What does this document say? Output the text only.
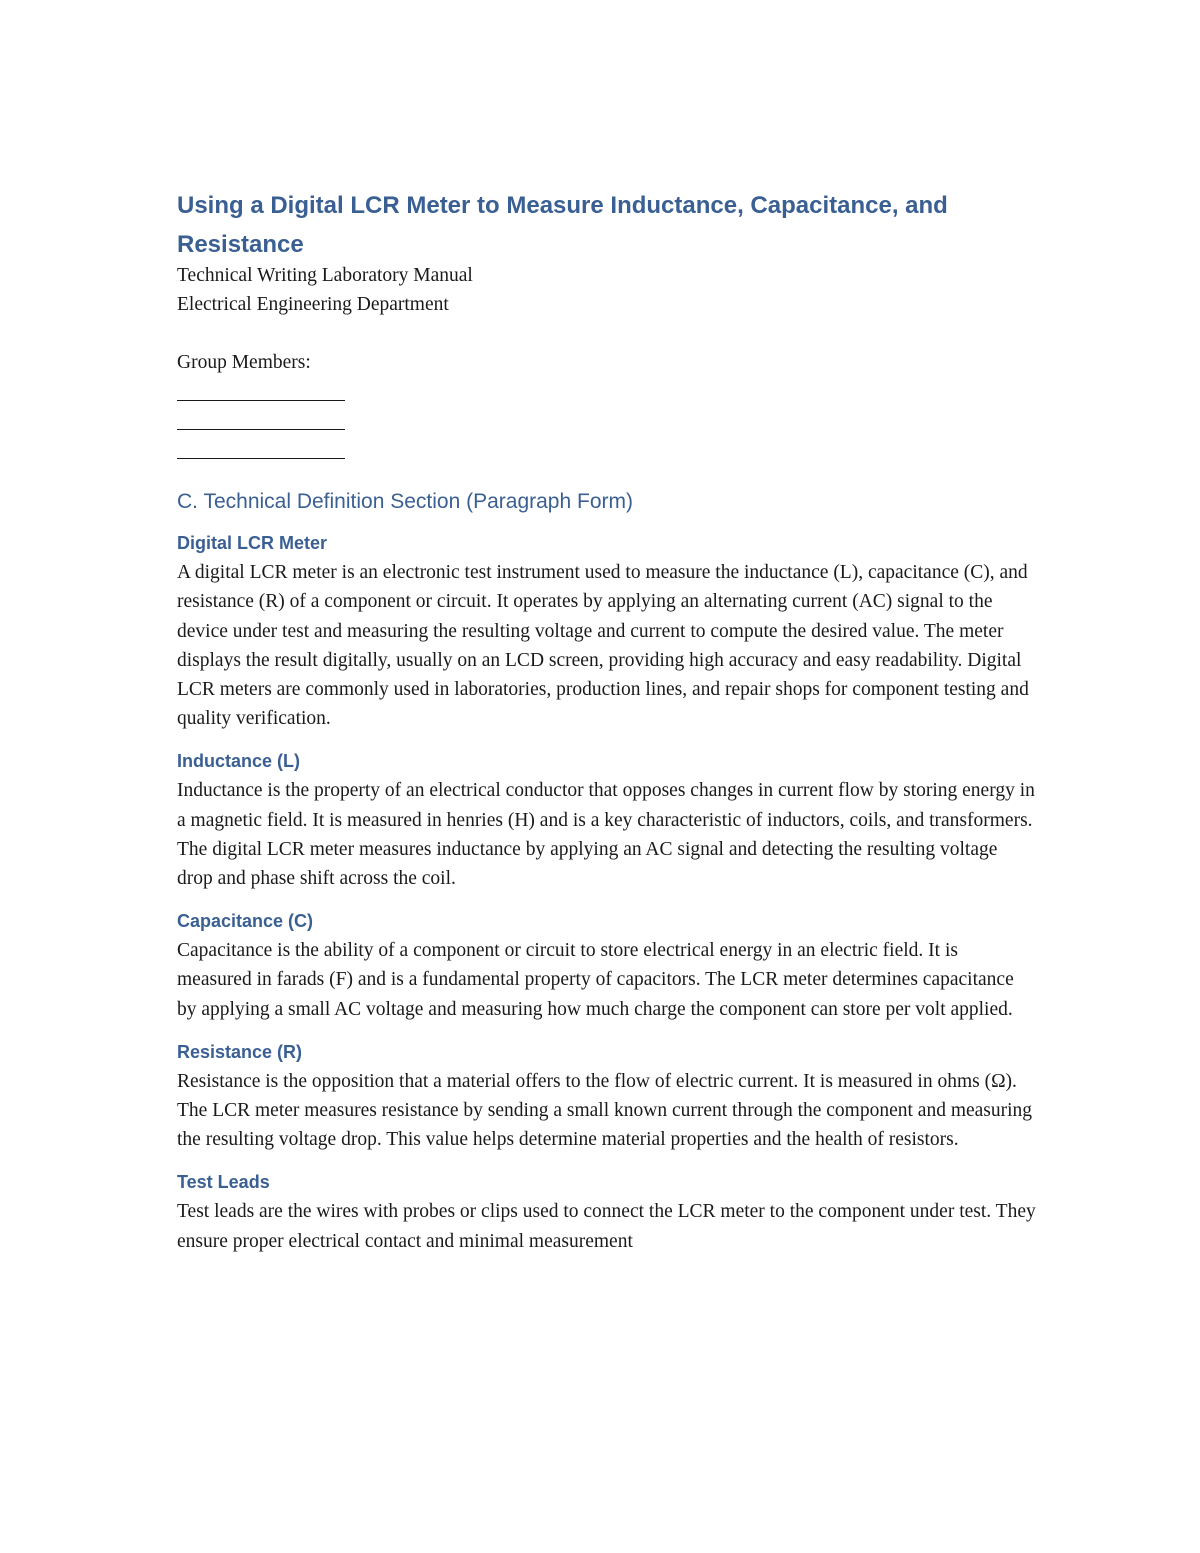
Using a Digital LCR Meter to Measure Inductance, Capacitance, and Resistance

Technical Writing Laboratory Manual

Electrical Engineering Department

Group Members:

C. Technical Definition Section (Paragraph Form)
Digital LCR Meter

A digital LCR meter is an electronic test instrument used to measure the inductance (L), capacitance (C), and resistance (R) of a component or circuit. It operates by applying an alternating current (AC) signal to the device under test and measuring the resulting voltage and current to compute the desired value. The meter displays the result digitally, usually on an LCD screen, providing high accuracy and easy readability. Digital LCR meters are commonly used in laboratories, production lines, and repair shops for component testing and quality verification.

Inductance (L)

Inductance is the property of an electrical conductor that opposes changes in current flow by storing energy in a magnetic field. It is measured in henries (H) and is a key characteristic of inductors, coils, and transformers. The digital LCR meter measures inductance by applying an AC signal and detecting the resulting voltage drop and phase shift across the coil.

Capacitance (C)

Capacitance is the ability of a component or circuit to store electrical energy in an electric field. It is measured in farads (F) and is a fundamental property of capacitors. The LCR meter determines capacitance by applying a small AC voltage and measuring how much charge the component can store per volt applied.

Resistance (R)

Resistance is the opposition that a material offers to the flow of electric current. It is measured in ohms (Ω). The LCR meter measures resistance by sending a small known current through the component and measuring the resulting voltage drop. This value helps determine material properties and the health of resistors.

Test Leads

Test leads are the wires with probes or clips used to connect the LCR meter to the component under test. They ensure proper electrical contact and minimal measurement
